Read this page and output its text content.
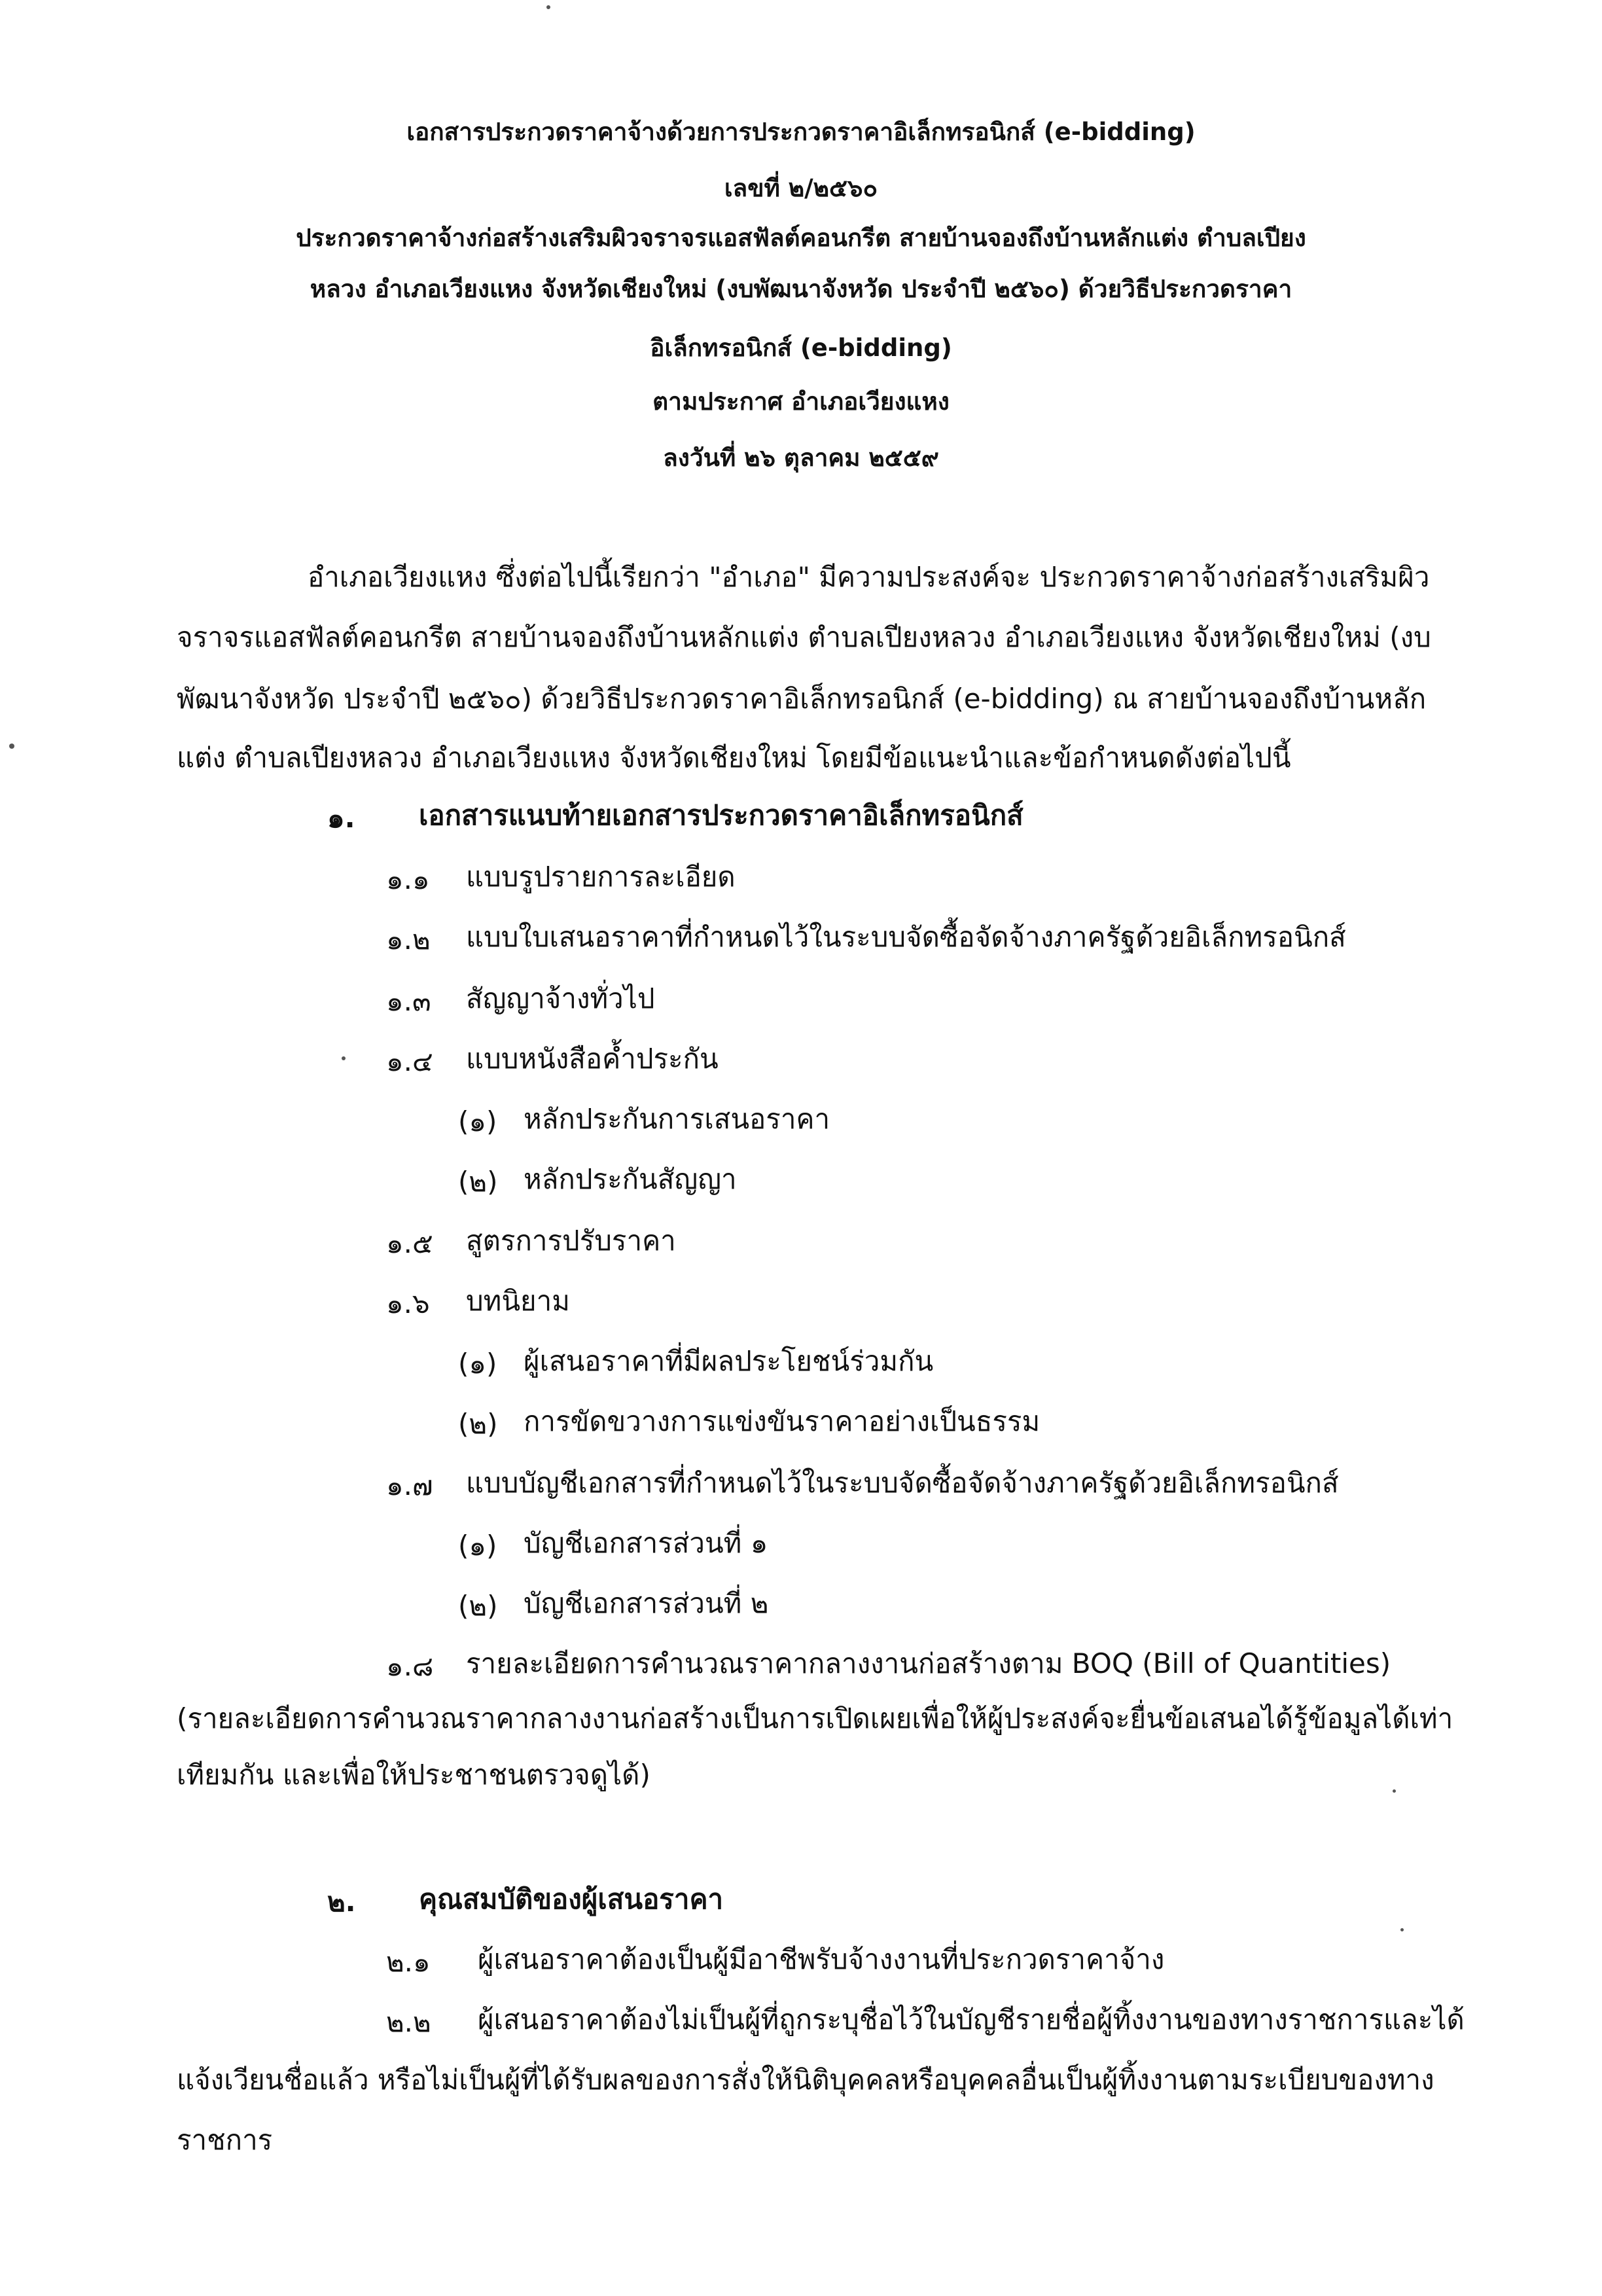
เอกสารประกวดราคาจ้างด้วยการประกวดราคาอิเล็กทรอนิกส์ (e-bidding)
เลขที่ ๒/๒๕๖๐
ประกวดราคาจ้างก่อสร้างเสริมผิวจราจรแอสฟัลต์คอนกรีต สายบ้านจองถึงบ้านหลักแต่ง ตำบลเปียง
หลวง อำเภอเวียงแหง จังหวัดเชียงใหม่ (งบพัฒนาจังหวัด ประจำปี ๒๕๖๐) ด้วยวิธีประกวดราคา
อิเล็กทรอนิกส์ (e-bidding)
ตามประกาศ อำเภอเวียงแหง
ลงวันที่ ๒๖ ตุลาคม ๒๕๕๙
อำเภอเวียงแหง ซึ่งต่อไปนี้เรียกว่า "อำเภอ" มีความประสงค์จะ ประกวดราคาจ้างก่อสร้างเสริมผิว
จราจรแอสฟัลต์คอนกรีต สายบ้านจองถึงบ้านหลักแต่ง ตำบลเปียงหลวง อำเภอเวียงแหง จังหวัดเชียงใหม่ (งบ
พัฒนาจังหวัด ประจำปี ๒๕๖๐) ด้วยวิธีประกวดราคาอิเล็กทรอนิกส์ (e-bidding) ณ สายบ้านจองถึงบ้านหลัก
แต่ง ตำบลเปียงหลวง อำเภอเวียงแหง จังหวัดเชียงใหม่ โดยมีข้อแนะนำและข้อกำหนดดังต่อไปนี้
๑. เอกสารแนบท้ายเอกสารประกวดราคาอิเล็กทรอนิกส์
๑.๑ แบบรูปรายการละเอียด
๑.๒ แบบใบเสนอราคาที่กำหนดไว้ในระบบจัดซื้อจัดจ้างภาครัฐด้วยอิเล็กทรอนิกส์
๑.๓ สัญญาจ้างทั่วไป
๑.๔ แบบหนังสือค้ำประกัน
(๑) หลักประกันการเสนอราคา
(๒) หลักประกันสัญญา
๑.๕ สูตรการปรับราคา
๑.๖ บทนิยาม
(๑) ผู้เสนอราคาที่มีผลประโยชน์ร่วมกัน
(๒) การขัดขวางการแข่งขันราคาอย่างเป็นธรรม
๑.๗ แบบบัญชีเอกสารที่กำหนดไว้ในระบบจัดซื้อจัดจ้างภาครัฐด้วยอิเล็กทรอนิกส์
(๑) บัญชีเอกสารส่วนที่ ๑
(๒) บัญชีเอกสารส่วนที่ ๒
๑.๘ รายละเอียดการคำนวณราคากลางงานก่อสร้างตาม BOQ (Bill of Quantities)
(รายละเอียดการคำนวณราคากลางงานก่อสร้างเป็นการเปิดเผยเพื่อให้ผู้ประสงค์จะยื่นข้อเสนอได้รู้ข้อมูลได้เท่า
เทียมกัน และเพื่อให้ประชาชนตรวจดูได้)
๒. คุณสมบัติของผู้เสนอราคา
๒.๑ ผู้เสนอราคาต้องเป็นผู้มีอาชีพรับจ้างงานที่ประกวดราคาจ้าง
๒.๒ ผู้เสนอราคาต้องไม่เป็นผู้ที่ถูกระบุชื่อไว้ในบัญชีรายชื่อผู้ทิ้งงานของทางราชการและได้
แจ้งเวียนชื่อแล้ว หรือไม่เป็นผู้ที่ได้รับผลของการสั่งให้นิติบุคคลหรือบุคคลอื่นเป็นผู้ทิ้งงานตามระเบียบของทาง
ราชการ
